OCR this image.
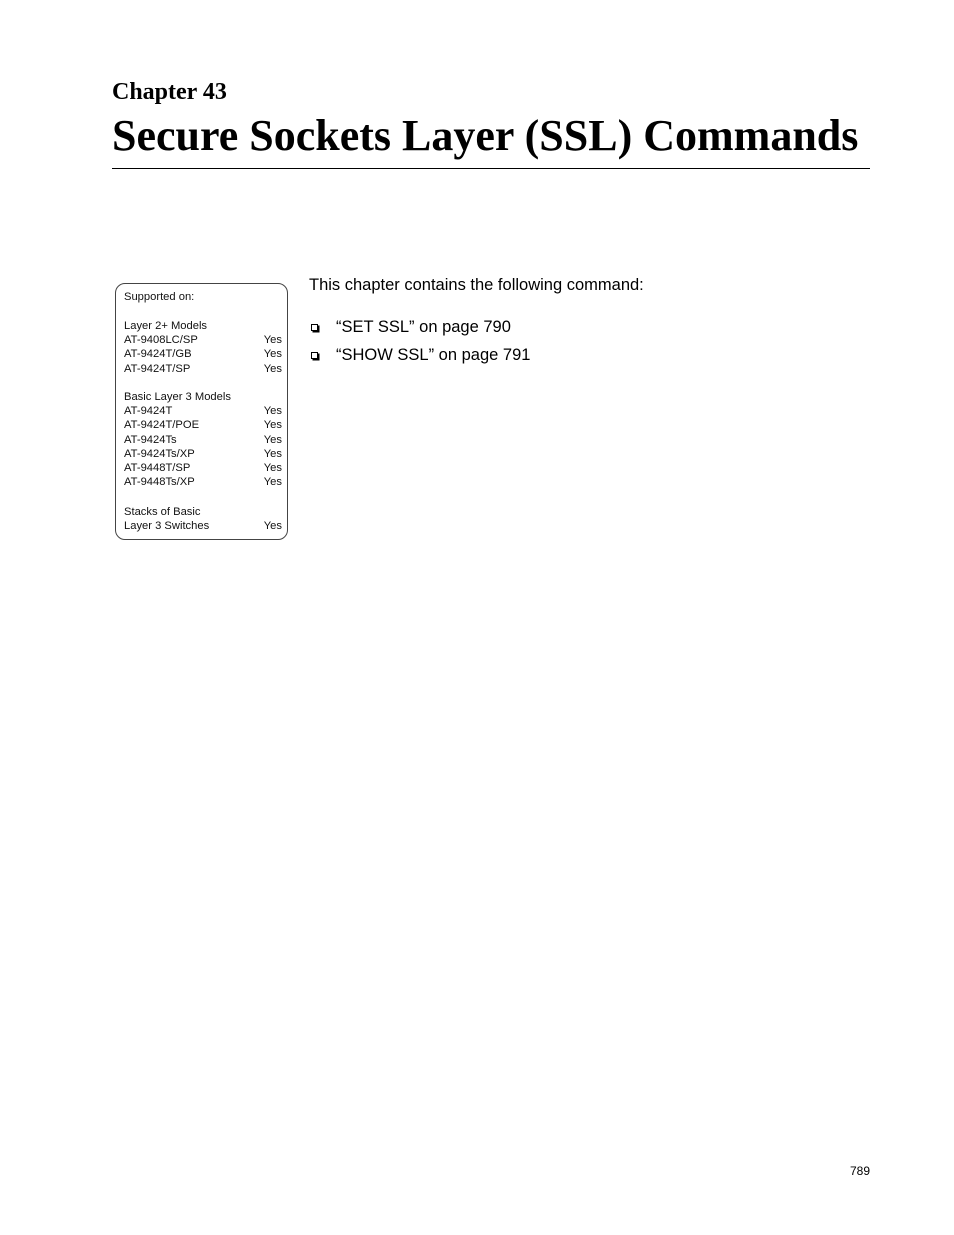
Chapter 43
Secure Sockets Layer (SSL) Commands
Supported on:
Layer 2+ Models
AT-9408LC/SP	Yes
AT-9424T/GB	Yes
AT-9424T/SP	Yes
Basic Layer 3 Models
AT-9424T	Yes
AT-9424T/POE	Yes
AT-9424Ts	Yes
AT-9424Ts/XP	Yes
AT-9448T/SP	Yes
AT-9448Ts/XP	Yes
Stacks of Basic
Layer 3 Switches	Yes

This chapter contains the following command:

“SET SSL” on page 790
“SHOW SSL” on page 791
789
